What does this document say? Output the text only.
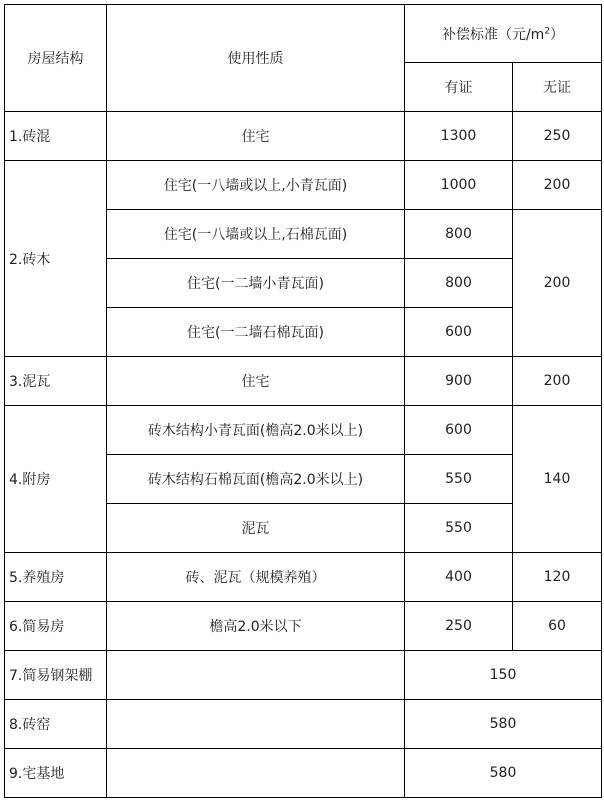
房屋结构	使用性质	补偿标准（元$/m^2$）	
		有证	无证
1.砖混	住宅	1300	250
2.砖木	住宅(一八墙或以上,小青瓦面)	1000	200
	住宅(一八墙或以上,石棉瓦面)	800	200
	住宅(一二墙小青瓦面)	800	
	住宅(一二墙石棉瓦面)	600	
3.泥瓦	住宅	900	200
4.附房	砖木结构小青瓦面(檐高2.0米以上)	600	140
	砖木结构石棉瓦面(檐高2.0米以上)	550	
	泥瓦	550	
5.养殖房	砖、泥瓦（规模养殖）	400	120
6.简易房	檐高2.0米以下	250	60
7.简易钢架棚		150	
8.砖窑		580	
9.宅基地		580	
